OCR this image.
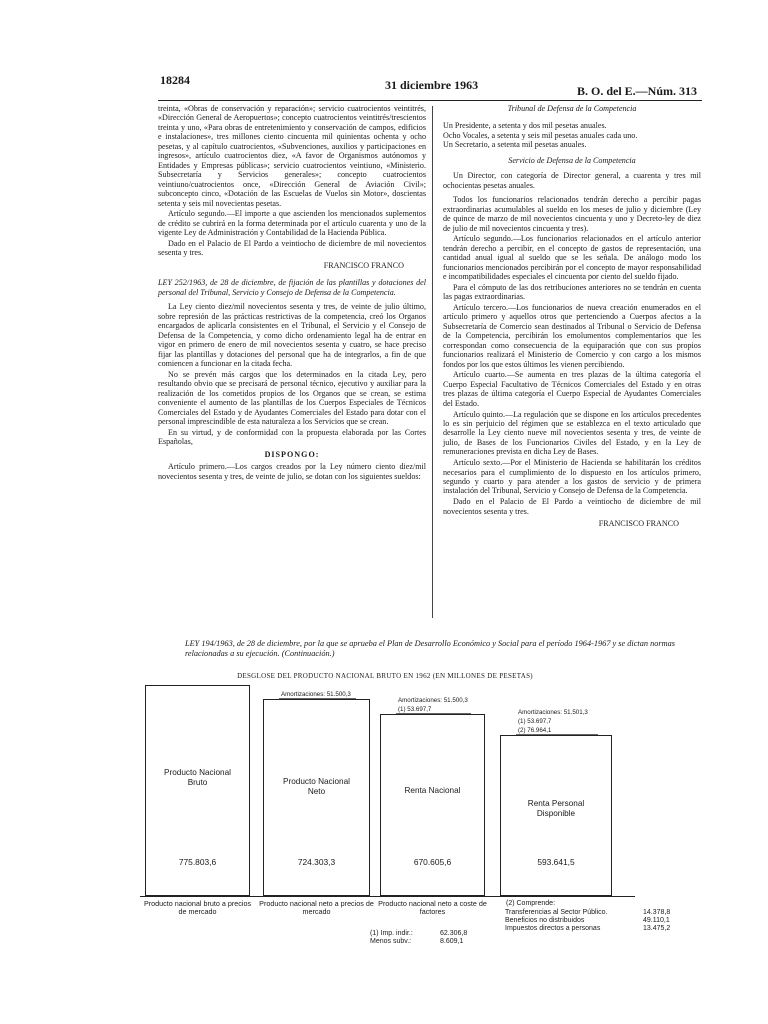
18284	31 diciembre 1963	B. O. del E.—Núm. 313

treinta, «Obras de conservación y reparación»; servicio cuatrocientos veintitrés, «Dirección General de Aeropuertos»; concepto cuatrocientos veintitrés/trescientos treinta y uno, «Para obras de entretenimiento y conservación de campos, edificios e instalaciones», tres millones ciento cincuenta mil quinientas ochenta y ocho pesetas, y al capítulo cuatrocientos, «Subvenciones, auxilios y participaciones en ingresos», artículo cuatrocientos diez, «A favor de Organismos autónomos y Entidades y Empresas públicas»; servicio cuatrocientos veintiuno, «Ministerio. Subsecretaría y Servicios generales»; concepto cuatrocientos veintiuno/cuatrocientos once, «Dirección General de Aviación Civil»; subconcepto cinco, «Dotación de las Escuelas de Vuelos sin Motor», doscientas setenta y seis mil novecientas pesetas.

Artículo segundo.—El importe a que ascienden los mencionados suplementos de crédito se cubrirá en la forma determinada por el artículo cuarenta y uno de la vigente Ley de Administración y Contabilidad de la Hacienda Pública.

Dado en el Palacio de El Pardo a veintiocho de diciembre de mil novecientos sesenta y tres.

FRANCISCO FRANCO

LEY 252/1963, de 28 de diciembre, de fijación de las plantillas y dotaciones del personal del Tribunal, Servicio y Consejo de Defensa de la Competencia.

La Ley ciento diez/mil novecientos sesenta y tres, de veinte de julio último, sobre represión de las prácticas restrictivas de la competencia, creó los Organos encargados de aplicarla consistentes en el Tribunal, el Servicio y el Consejo de Defensa de la Competencia, y como dicho ordenamiento legal ha de entrar en vigor en primero de enero de mil novecientos sesenta y cuatro, se hace preciso fijar las plantillas y dotaciones del personal que ha de integrarlos, a fin de que comiencen a funcionar en la citada fecha.

No se prevén más cargos que los determinados en la citada Ley, pero resultando obvio que se precisará de personal técnico, ejecutivo y auxiliar para la realización de los cometidos propios de los Organos que se crean, se estima conveniente el aumento de las plantillas de los Cuerpos Especiales de Técnicos Comerciales del Estado y de Ayudantes Comerciales del Estado para dotar con el personal imprescindible de esta naturaleza a los Servicios que se crean.

En su virtud, y de conformidad con la propuesta elaborada por las Cortes Españolas,

DISPONGO:

Artículo primero.—Los cargos creados por la Ley número ciento diez/mil novecientos sesenta y tres, de veinte de julio, se dotan con los siguientes sueldos:

Tribunal de Defensa de la Competencia

Un Presidente, a setenta y dos mil pesetas anuales.

Ocho Vocales, a setenta y seis mil pesetas anuales cada uno.

Un Secretario, a setenta mil pesetas anuales.

Servicio de Defensa de la Competencia

Un Director, con categoría de Director general, a cuarenta y tres mil ochocientas pesetas anuales.

Todos los funcionarios relacionados tendrán derecho a percibir pagas extraordinarias acumulables al sueldo en los meses de julio y diciembre (Ley de quince de marzo de mil novecientos cincuenta y uno y Decreto-ley de diez de julio de mil novecientos cincuenta y tres).

Artículo segundo.—Los funcionarios relacionados en el artículo anterior tendrán derecho a percibir, en el concepto de gastos de representación, una cantidad anual igual al sueldo que se les señala. De análogo modo los funcionarios mencionados percibirán por el concepto de mayor responsabilidad e incompatibilidades especiales el cincuenta por ciento del sueldo fijado.

Para el cómputo de las dos retribuciones anteriores no se tendrán en cuenta las pagas extraordinarias.

Artículo tercero.—Los funcionarios de nueva creación enumerados en el artículo primero y aquellos otros que pertenciendo a Cuerpos afectos a la Subsecretaría de Comercio sean destinados al Tribunal o Servicio de Defensa de la Competencia, percibirán los emolumentos complementarios que les correspondan como consecuencia de la equiparación que con sus propios funcionarios realizará el Ministerio de Comercio y con cargo a los mismos fondos por los que estos últimos les vienen percibiendo.

Artículo cuarto.—Se aumenta en tres plazas de la última categoría el Cuerpo Especial Facultativo de Técnicos Comerciales del Estado y en otras tres plazas de última categoría el Cuerpo Especial de Ayudantes Comerciales del Estado.

Artículo quinto.—La regulación que se dispone en los artículos precedentes lo es sin perjuicio del régimen que se establezca en el texto articulado que desarrolle la Ley ciento nueve mil novecientos sesenta y tres, de veinte de julio, de Bases de los Funcionarios Civiles del Estado, y en la Ley de remuneraciones prevista en dicha Ley de Bases.

Artículo sexto.—Por el Ministerio de Hacienda se habilitarán los créditos necesarios para el cumplimiento de lo dispuesto en los artículos primero, segundo y cuarto y para atender a los gastos de servicio y de primera instalación del Tribunal, Servicio y Consejo de Defensa de la Competencia.

Dado en el Palacio de El Pardo a veintiocho de diciembre de mil novecientos sesenta y tres.

FRANCISCO FRANCO

LEY 194/1963, de 28 de diciembre, por la que se aprueba el Plan de Desarrollo Económico y Social para el período 1964-1967 y se dictan normas relacionadas a su ejecución. (Continuación.)
DESGLOSE DEL PRODUCTO NACIONAL BRUTO EN 1962 (EN MILLONES DE PESETAS)
Producto Nacional Bruto
775.803,6
Producto nacional bruto a precios de mercado
Producto Nacional Neto
724.303,3
Amortizaciones: 51.500,3
Producto nacional neto a precios de mercado
Renta Nacional
670.605,6
Amortizaciones: 51.500,3
(1) 53.697,7
Producto nacional neto a coste de factores
(1) Imp. indir.:	62.306,8
Menos subv.:	8.609,1
Renta Personal Disponible
593.641,5
Amortizaciones: 51.501,3
(1) 53.697,7
(2) 76.964,1
(2) Comprende:
Transferencias al Sector Público.	14.378,8
Beneficios no distribuidos	49.110,1
Impuestos directos a personas	13.475,2
